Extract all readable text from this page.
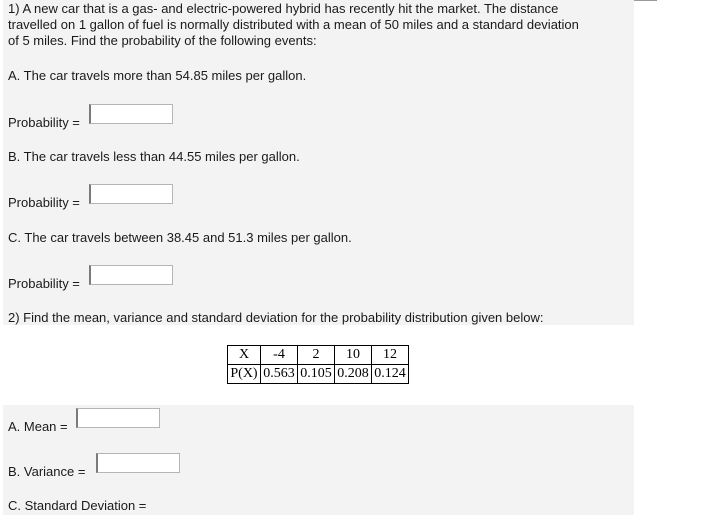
1) A new car that is a gas- and electric-powered hybrid has recently hit the market. The distance
travelled on 1 gallon of fuel is normally distributed with a mean of 50 miles and a standard deviation
of 5 miles. Find the probability of the following events:
A. The car travels more than 54.85 miles per gallon.
Probability =
B. The car travels less than 44.55 miles per gallon.
Probability =
C. The car travels between 38.45 and 51.3 miles per gallon.
Probability =
2) Find the mean, variance and standard deviation for the probability distribution given below:
X	-4	2	10	12
P(X)	0.563	0.105	0.208	0.124
A. Mean =
B. Variance =
C. Standard Deviation =
